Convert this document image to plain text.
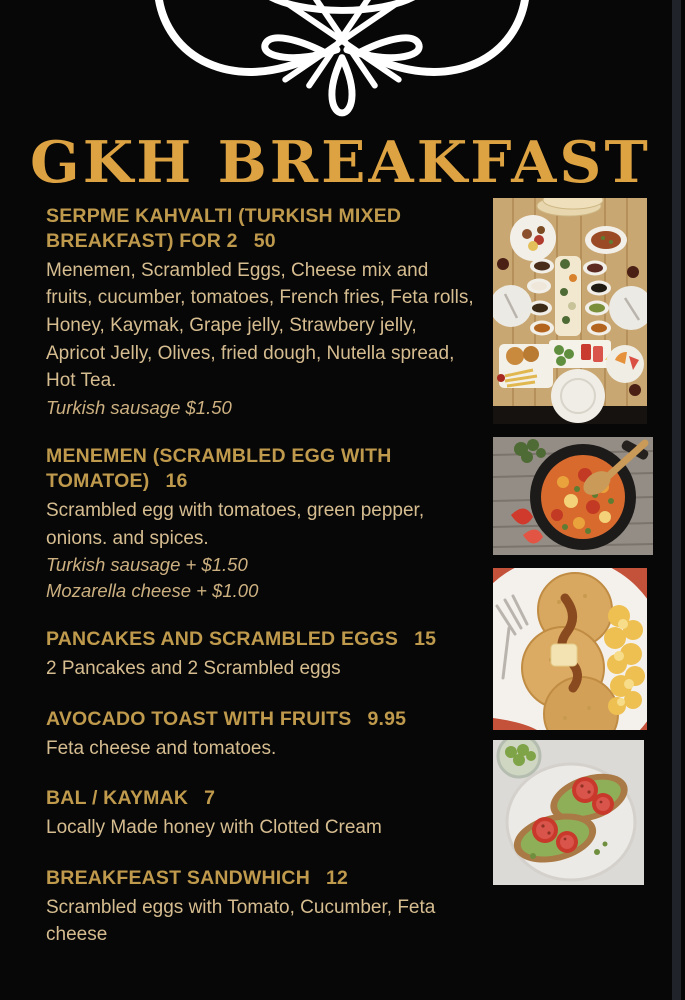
GKH BREAKFAST
SERPME KAHVALTI (TURKISH MIXED BREAKFAST) FOR 2 50

Menemen, Scrambled Eggs, Cheese mix and fruits, cucumber, tomatoes, French fries, Feta rolls, Honey, Kaymak, Grape jelly, Strawbery jelly, Apricot Jelly, Olives, fried dough, Nutella spread, Hot Tea.

Turkish sausage $1.50

MENEMEN (SCRAMBLED EGG WITH TOMATOE) 16

Scrambled egg with tomatoes, green pepper, onions. and spices.

Turkish sausage + $1.50

Mozarella cheese + $1.00

PANCAKES AND SCRAMBLED EGGS 15

2 Pancakes and 2 Scrambled eggs

AVOCADO TOAST WITH FRUITS 9.95

Feta cheese and tomatoes.

BAL / KAYMAK 7

Locally Made honey with Clotted Cream

BREAKFEAST SANDWHICH 12

Scrambled eggs with Tomato, Cucumber, Feta cheese
